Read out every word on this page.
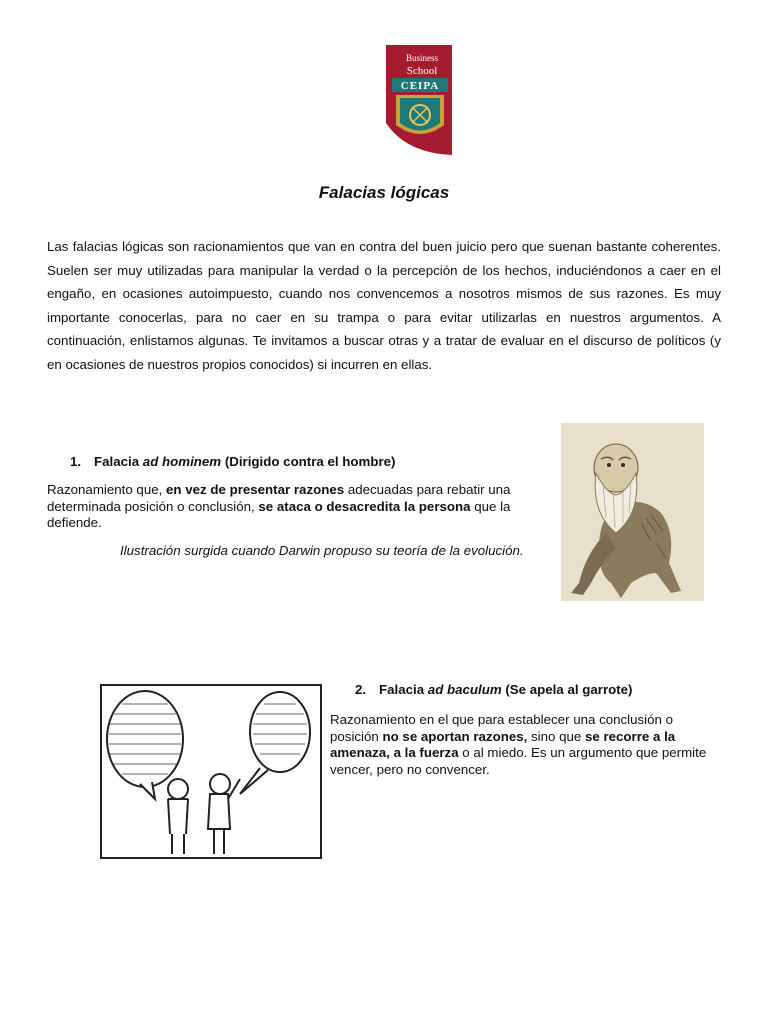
Business
School
CEIPA
Falacias lógicas

Las falacias lógicas son racionamientos que van en contra del buen juicio pero que suenan bastante coherentes. Suelen ser muy utilizadas para manipular la verdad o la percepción de los hechos, induciéndonos a caer en el engaño, en ocasiones autoimpuesto, cuando nos convencemos a nosotros mismos de sus razones. Es muy importante conocerlas, para no caer en su trampa o para evitar utilizarlas en nuestros argumentos. A continuación, enlistamos algunas. Te invitamos a buscar otras y a tratar de evaluar en el discurso de políticos (y en ocasiones de nuestros propios conocidos) si incurren en ellas.

1. Falacia ad hominem (Dirigido contra el hombre)

Razonamiento que, en vez de presentar razones adecuadas para rebatir una determinada posición o conclusión, se ataca o desacredita la persona que la defiende.

Ilustración surgida cuando Darwin propuso su teoría de la evolución.
2. Falacia ad baculum (Se apela al garrote)

Razonamiento en el que para establecer una conclusión o posición no se aportan razones, sino que se recorre a la amenaza, a la fuerza o al miedo. Es un argumento que permite vencer, pero no convencer.
